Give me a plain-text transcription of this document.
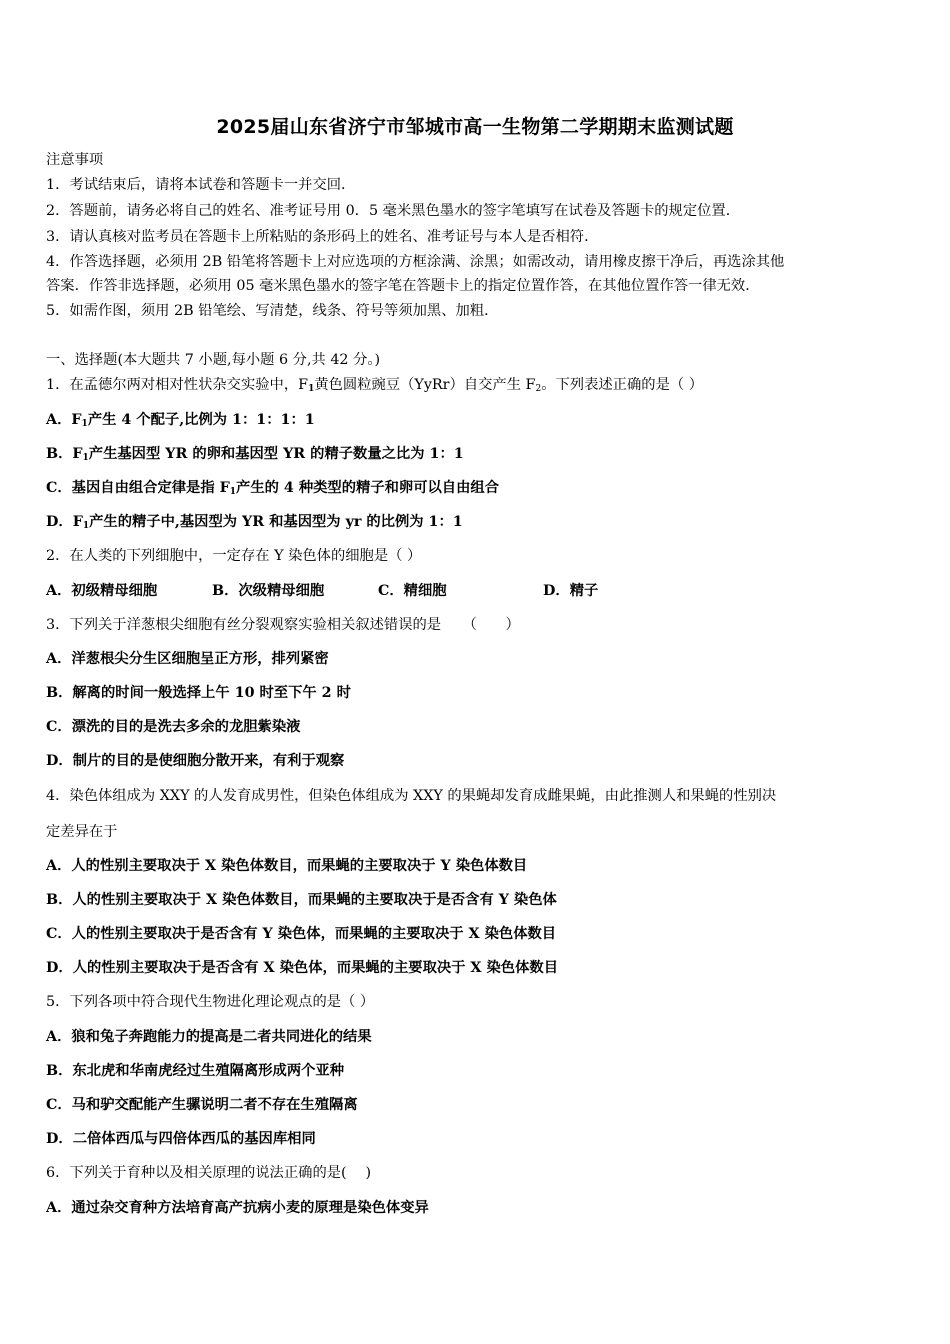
2025届山东省济宁市邹城市高一生物第二学期期末监测试题
注意事项
1．考试结束后，请将本试卷和答题卡一并交回．
2．答题前，请务必将自己的姓名、准考证号用 0．5 毫米黑色墨水的签字笔填写在试卷及答题卡的规定位置．
3．请认真核对监考员在答题卡上所粘贴的条形码上的姓名、准考证号与本人是否相符．
4．作答选择题，必须用 2B 铅笔将答题卡上对应选项的方框涂满、涂黑；如需改动，请用橡皮擦干净后，再选涂其他
答案．作答非选择题，必须用 05 毫米黑色墨水的签字笔在答题卡上的指定位置作答，在其他位置作答一律无效．
5．如需作图，须用 2B 铅笔绘、写清楚，线条、符号等须加黑、加粗．
一、选择题(本大题共 7 小题,每小题 6 分,共 42 分。)
1．在孟德尔两对相对性状杂交实验中，$F_1$黄色圆粒豌豆（YyRr）自交产生 $F_2$。下列表述正确的是（ ）
A．$F_1$产生 4 个配子,比例为 1：1：1：1
B．$F_1$产生基因型 YR 的卵和基因型 YR 的精子数量之比为 1：1
C．基因自由组合定律是指 $F_1$产生的 4 种类型的精子和卵可以自由组合
D．$F_1$产生的精子中,基因型为 YR 和基因型为 yr 的比例为 1：1
2．在人类的下列细胞中，一定存在 Y 染色体的细胞是（ ）
A．初级精母细胞	B．次级精母细胞	C．精细胞	D．精子
3．下列关于洋葱根尖细胞有丝分裂观察实验相关叙述错误的是　　（　　）
A．洋葱根尖分生区细胞呈正方形，排列紧密
B．解离的时间一般选择上午 10 时至下午 2 时
C．漂洗的目的是洗去多余的龙胆紫染液
D．制片的目的是使细胞分散开来，有利于观察
4．染色体组成为 XXY 的人发育成男性，但染色体组成为 XXY 的果蝇却发育成雌果蝇，由此推测人和果蝇的性别决
定差异在于
A．人的性别主要取决于 X 染色体数目，而果蝇的主要取决于 Y 染色体数目
B．人的性别主要取决于 X 染色体数目，而果蝇的主要取决于是否含有 Y 染色体
C．人的性别主要取决于是否含有 Y 染色体，而果蝇的主要取决于 X 染色体数目
D．人的性别主要取决于是否含有 X 染色体，而果蝇的主要取决于 X 染色体数目
5．下列各项中符合现代生物进化理论观点的是（ ）
A．狼和兔子奔跑能力的提高是二者共同进化的结果
B．东北虎和华南虎经过生殖隔离形成两个亚种
C．马和驴交配能产生骡说明二者不存在生殖隔离
D．二倍体西瓜与四倍体西瓜的基因库相同
6．下列关于育种以及相关原理的说法正确的是(　 )
A．通过杂交育种方法培育高产抗病小麦的原理是染色体变异
